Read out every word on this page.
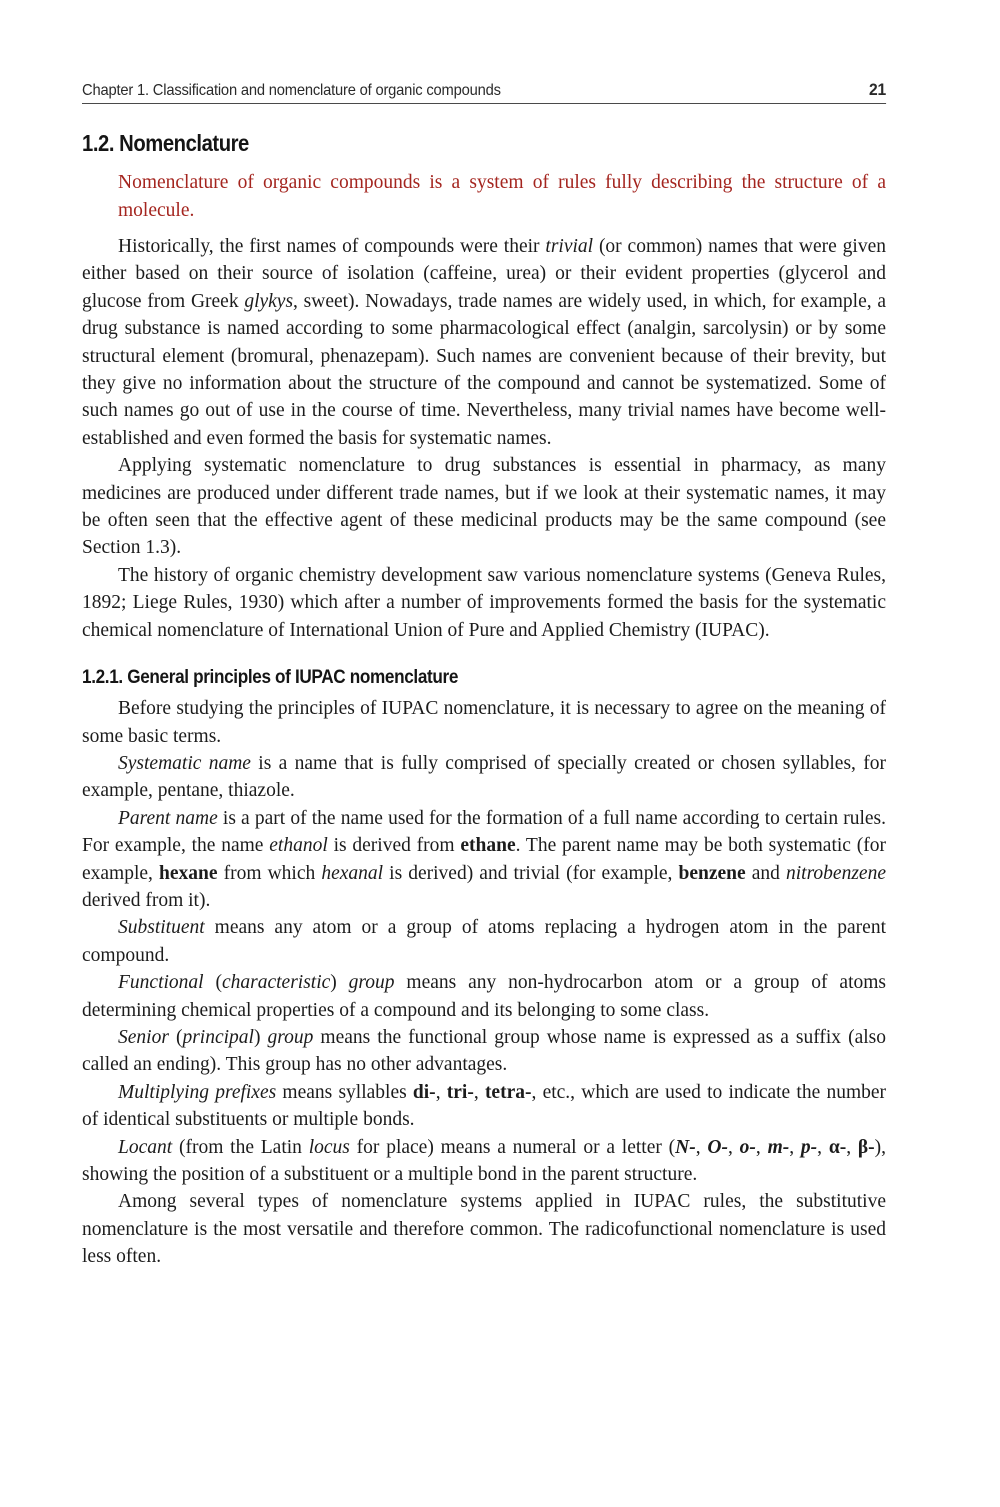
Chapter 1. Classification and nomenclature of organic compounds	21
1.2. Nomenclature

Nomenclature of organic compounds is a system of rules fully describing the structure of a molecule.

Historically, the first names of compounds were their trivial (or common) names that were given either based on their source of isolation (caffeine, urea) or their evident properties (glycerol and glucose from Greek glykys, sweet). Nowadays, trade names are widely used, in which, for example, a drug substance is named according to some pharmacological effect (analgin, sarcolysin) or by some structural element (bromural, phenazepam). Such names are convenient because of their brevity, but they give no information about the structure of the compound and cannot be systematized. Some of such names go out of use in the course of time. Nevertheless, many trivial names have become well-established and even formed the basis for systematic names.

Applying systematic nomenclature to drug substances is essential in pharmacy, as many medicines are produced under different trade names, but if we look at their systematic names, it may be often seen that the effective agent of these medicinal products may be the same compound (see Section 1.3).

The history of organic chemistry development saw various nomenclature systems (Geneva Rules, 1892; Liege Rules, 1930) which after a number of improvements formed the basis for the systematic chemical nomenclature of International Union of Pure and Applied Chemistry (IUPAC).

1.2.1. General principles of IUPAC nomenclature

Before studying the principles of IUPAC nomenclature, it is necessary to agree on the meaning of some basic terms.

Systematic name is a name that is fully comprised of specially created or chosen syllables, for example, pentane, thiazole.

Parent name is a part of the name used for the formation of a full name according to certain rules. For example, the name ethanol is derived from ethane. The parent name may be both systematic (for example, hexane from which hexanal is derived) and trivial (for example, benzene and nitrobenzene derived from it).

Substituent means any atom or a group of atoms replacing a hydrogen atom in the parent compound.

Functional (characteristic) group means any non-hydrocarbon atom or a group of atoms determining chemical properties of a compound and its belonging to some class.

Senior (principal) group means the functional group whose name is expressed as a suffix (also called an ending). This group has no other advantages.

Multiplying prefixes means syllables di-, tri-, tetra-, etc., which are used to indicate the number of identical substituents or multiple bonds.

Locant (from the Latin locus for place) means a numeral or a letter (N-, O-, o-, m-, p-, α-, β-), showing the position of a substituent or a multiple bond in the parent structure.

Among several types of nomenclature systems applied in IUPAC rules, the substitutive nomenclature is the most versatile and therefore common. The radicofunctional nomenclature is used less often.
